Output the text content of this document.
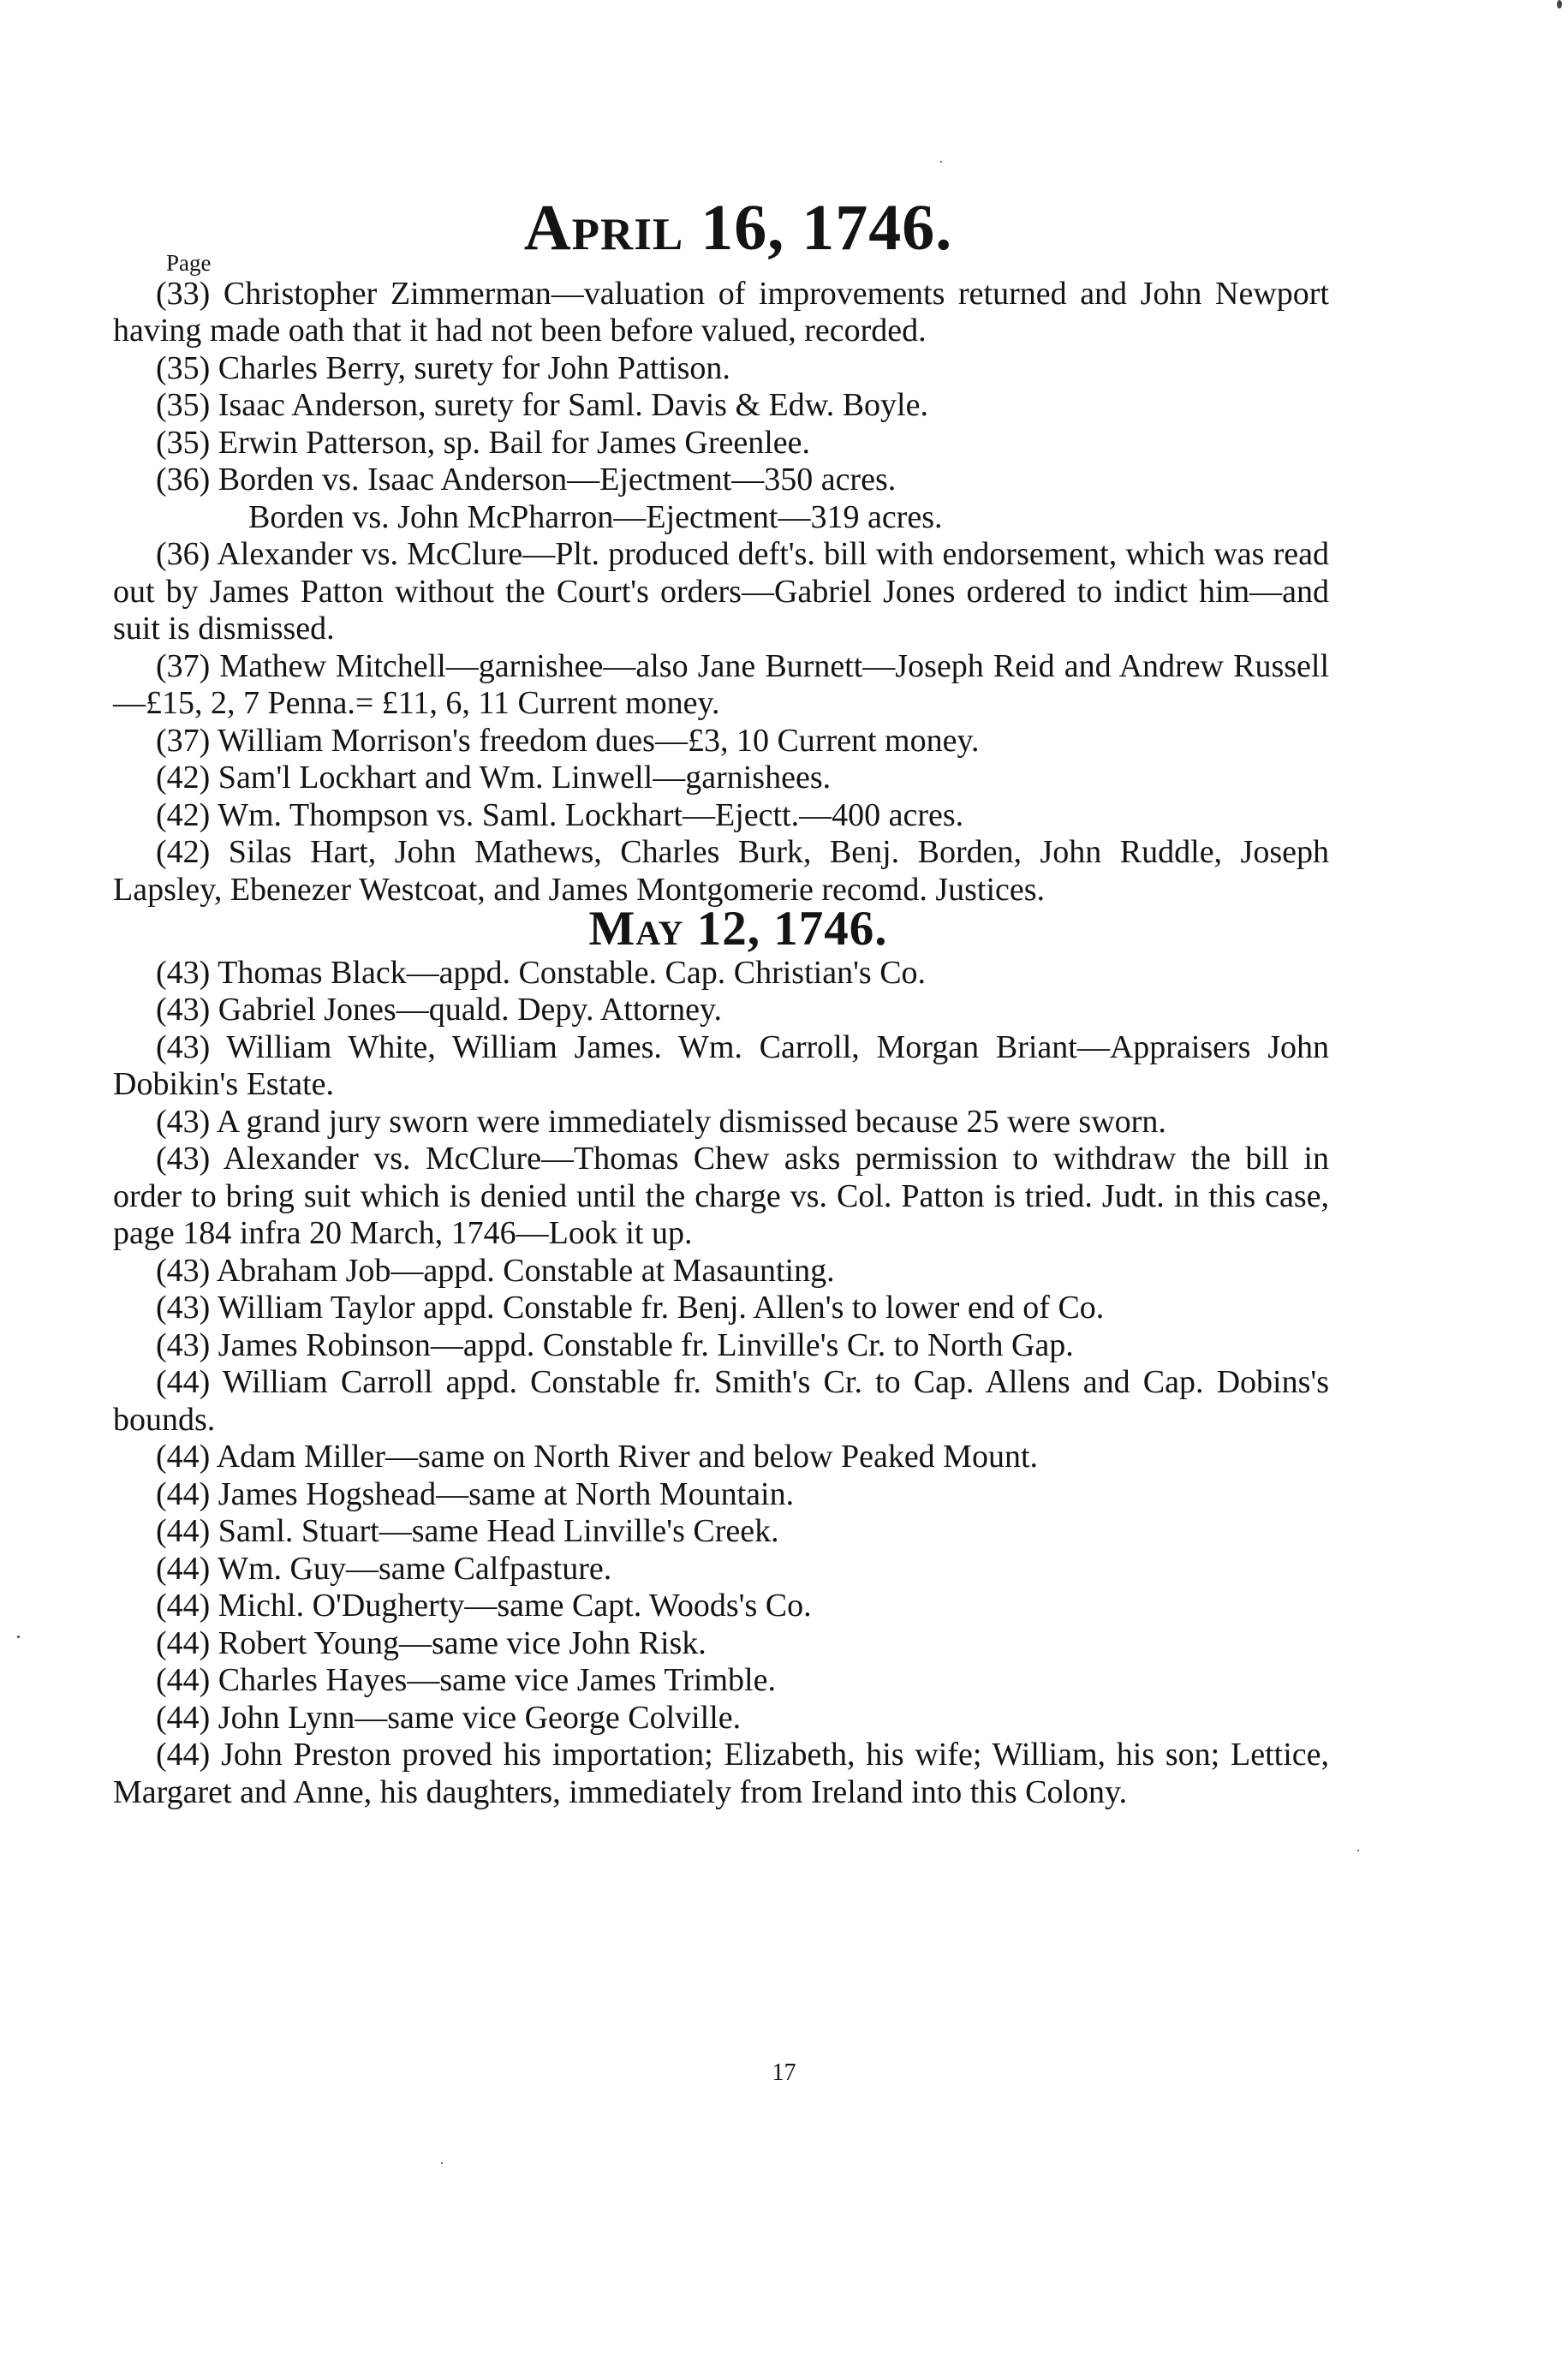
April 16, 1746.
Page

(33) Christopher Zimmerman—valuation of improvements returned and John Newport having made oath that it had not been before valued, recorded.

(35) Charles Berry, surety for John Pattison.

(35) Isaac Anderson, surety for Saml. Davis & Edw. Boyle.

(35) Erwin Patterson, sp. Bail for James Greenlee.

(36) Borden vs. Isaac Anderson—Ejectment—350 acres.

Borden vs. John McPharron—Ejectment—319 acres.

(36) Alexander vs. McClure—Plt. produced deft's. bill with endorsement, which was read out by James Patton without the Court's orders—Gabriel Jones ordered to indict him—and suit is dismissed.

(37) Mathew Mitchell—garnishee—also Jane Burnett—Joseph Reid and Andrew Russell—£15, 2, 7 Penna.= £11, 6, 11 Current money.

(37) William Morrison's freedom dues—£3, 10 Current money.

(42) Sam'l Lockhart and Wm. Linwell—garnishees.

(42) Wm. Thompson vs. Saml. Lockhart—Ejectt.—400 acres.

(42) Silas Hart, John Mathews, Charles Burk, Benj. Borden, John Ruddle, Joseph Lapsley, Ebenezer Westcoat, and James Montgomerie recomd. Justices.

May 12, 1746.

(43) Thomas Black—appd. Constable. Cap. Christian's Co.

(43) Gabriel Jones—quald. Depy. Attorney.

(43) William White, William James. Wm. Carroll, Morgan Briant—Appraisers John Dobikin's Estate.

(43) A grand jury sworn were immediately dismissed because 25 were sworn.

(43) Alexander vs. McClure—Thomas Chew asks permission to withdraw the bill in order to bring suit which is denied until the charge vs. Col. Patton is tried. Judt. in this case, page 184 infra 20 March, 1746—Look it up.

(43) Abraham Job—appd. Constable at Masaunting.

(43) William Taylor appd. Constable fr. Benj. Allen's to lower end of Co.

(43) James Robinson—appd. Constable fr. Linville's Cr. to North Gap.

(44) William Carroll appd. Constable fr. Smith's Cr. to Cap. Allens and Cap. Dobins's bounds.

(44) Adam Miller—same on North River and below Peaked Mount.

(44) James Hogshead—same at North Mountain.

(44) Saml. Stuart—same Head Linville's Creek.

(44) Wm. Guy—same Calfpasture.

(44) Michl. O'Dugherty—same Capt. Woods's Co.

(44) Robert Young—same vice John Risk.

(44) Charles Hayes—same vice James Trimble.

(44) John Lynn—same vice George Colville.

(44) John Preston proved his importation; Elizabeth, his wife; William, his son; Lettice, Margaret and Anne, his daughters, immediately from Ireland into this Colony.

17
